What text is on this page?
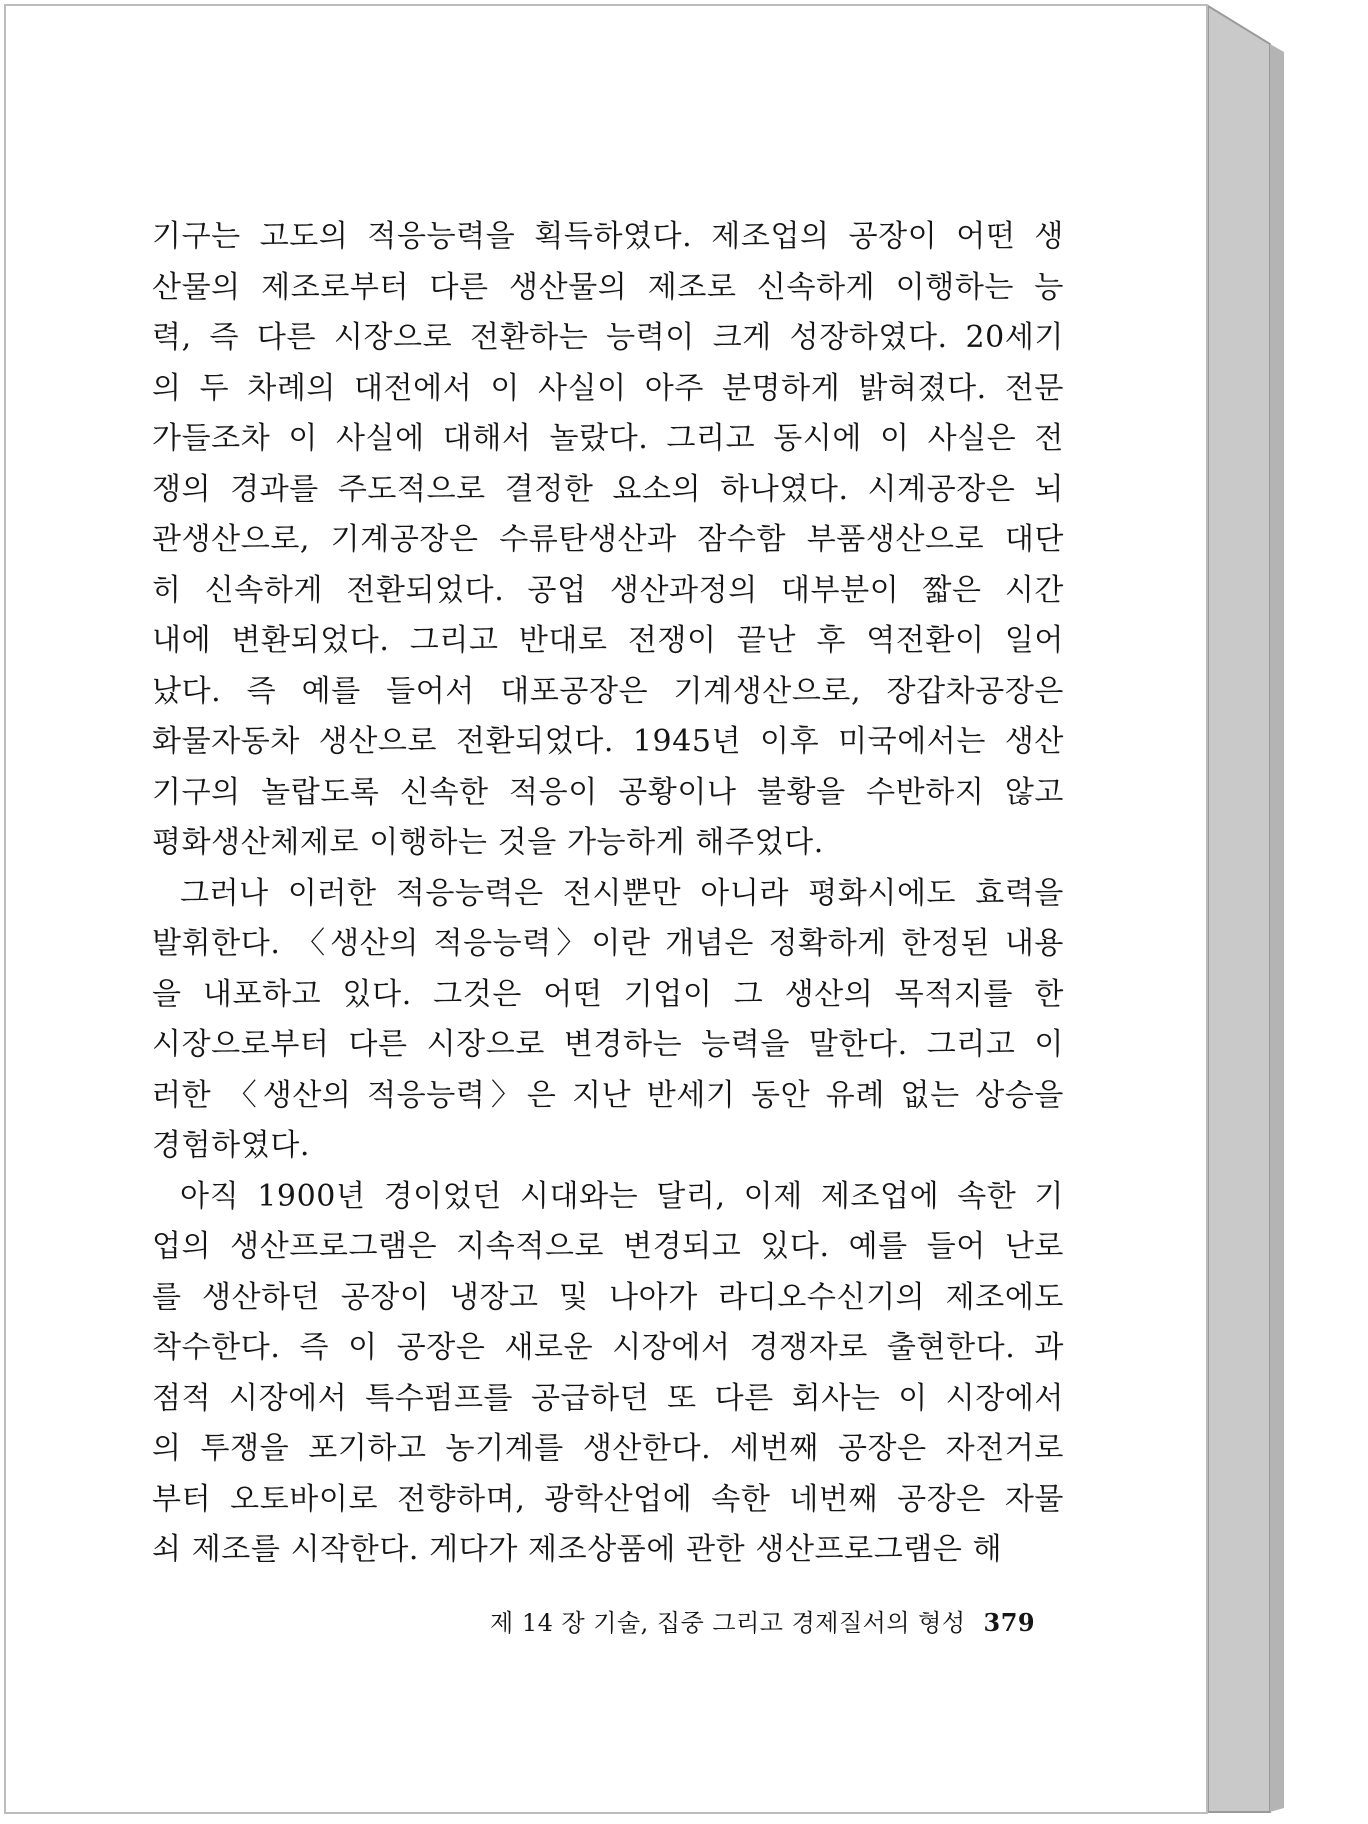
기구는 고도의 적응능력을 획득하였다. 제조업의 공장이 어떤 생
산물의 제조로부터 다른 생산물의 제조로 신속하게 이행하는 능
력, 즉 다른 시장으로 전환하는 능력이 크게 성장하였다. 20세기
의 두 차례의 대전에서 이 사실이 아주 분명하게 밝혀졌다. 전문
가들조차 이 사실에 대해서 놀랐다. 그리고 동시에 이 사실은 전
쟁의 경과를 주도적으로 결정한 요소의 하나였다. 시계공장은 뇌
관생산으로, 기계공장은 수류탄생산과 잠수함 부품생산으로 대단
히 신속하게 전환되었다. 공업 생산과정의 대부분이 짧은 시간
내에 변환되었다. 그리고 반대로 전쟁이 끝난 후 역전환이 일어
났다. 즉 예를 들어서 대포공장은 기계생산으로, 장갑차공장은
화물자동차 생산으로 전환되었다. 1945년 이후 미국에서는 생산
기구의 놀랍도록 신속한 적응이 공황이나 불황을 수반하지 않고
평화생산체제로 이행하는 것을 가능하게 해주었다.
그러나 이러한 적응능력은 전시뿐만 아니라 평화시에도 효력을
발휘한다. 〈생산의 적응능력〉이란 개념은 정확하게 한정된 내용
을 내포하고 있다. 그것은 어떤 기업이 그 생산의 목적지를 한
시장으로부터 다른 시장으로 변경하는 능력을 말한다. 그리고 이
러한 〈생산의 적응능력〉은 지난 반세기 동안 유례 없는 상승을
경험하였다.
아직 1900년 경이었던 시대와는 달리, 이제 제조업에 속한 기
업의 생산프로그램은 지속적으로 변경되고 있다. 예를 들어 난로
를 생산하던 공장이 냉장고 및 나아가 라디오수신기의 제조에도
착수한다. 즉 이 공장은 새로운 시장에서 경쟁자로 출현한다. 과
점적 시장에서 특수펌프를 공급하던 또 다른 회사는 이 시장에서
의 투쟁을 포기하고 농기계를 생산한다. 세번째 공장은 자전거로
부터 오토바이로 전향하며, 광학산업에 속한 네번째 공장은 자물
쇠 제조를 시작한다. 게다가 제조상품에 관한 생산프로그램은 해
제 14 장 기술, 집중 그리고 경제질서의 형성 379
